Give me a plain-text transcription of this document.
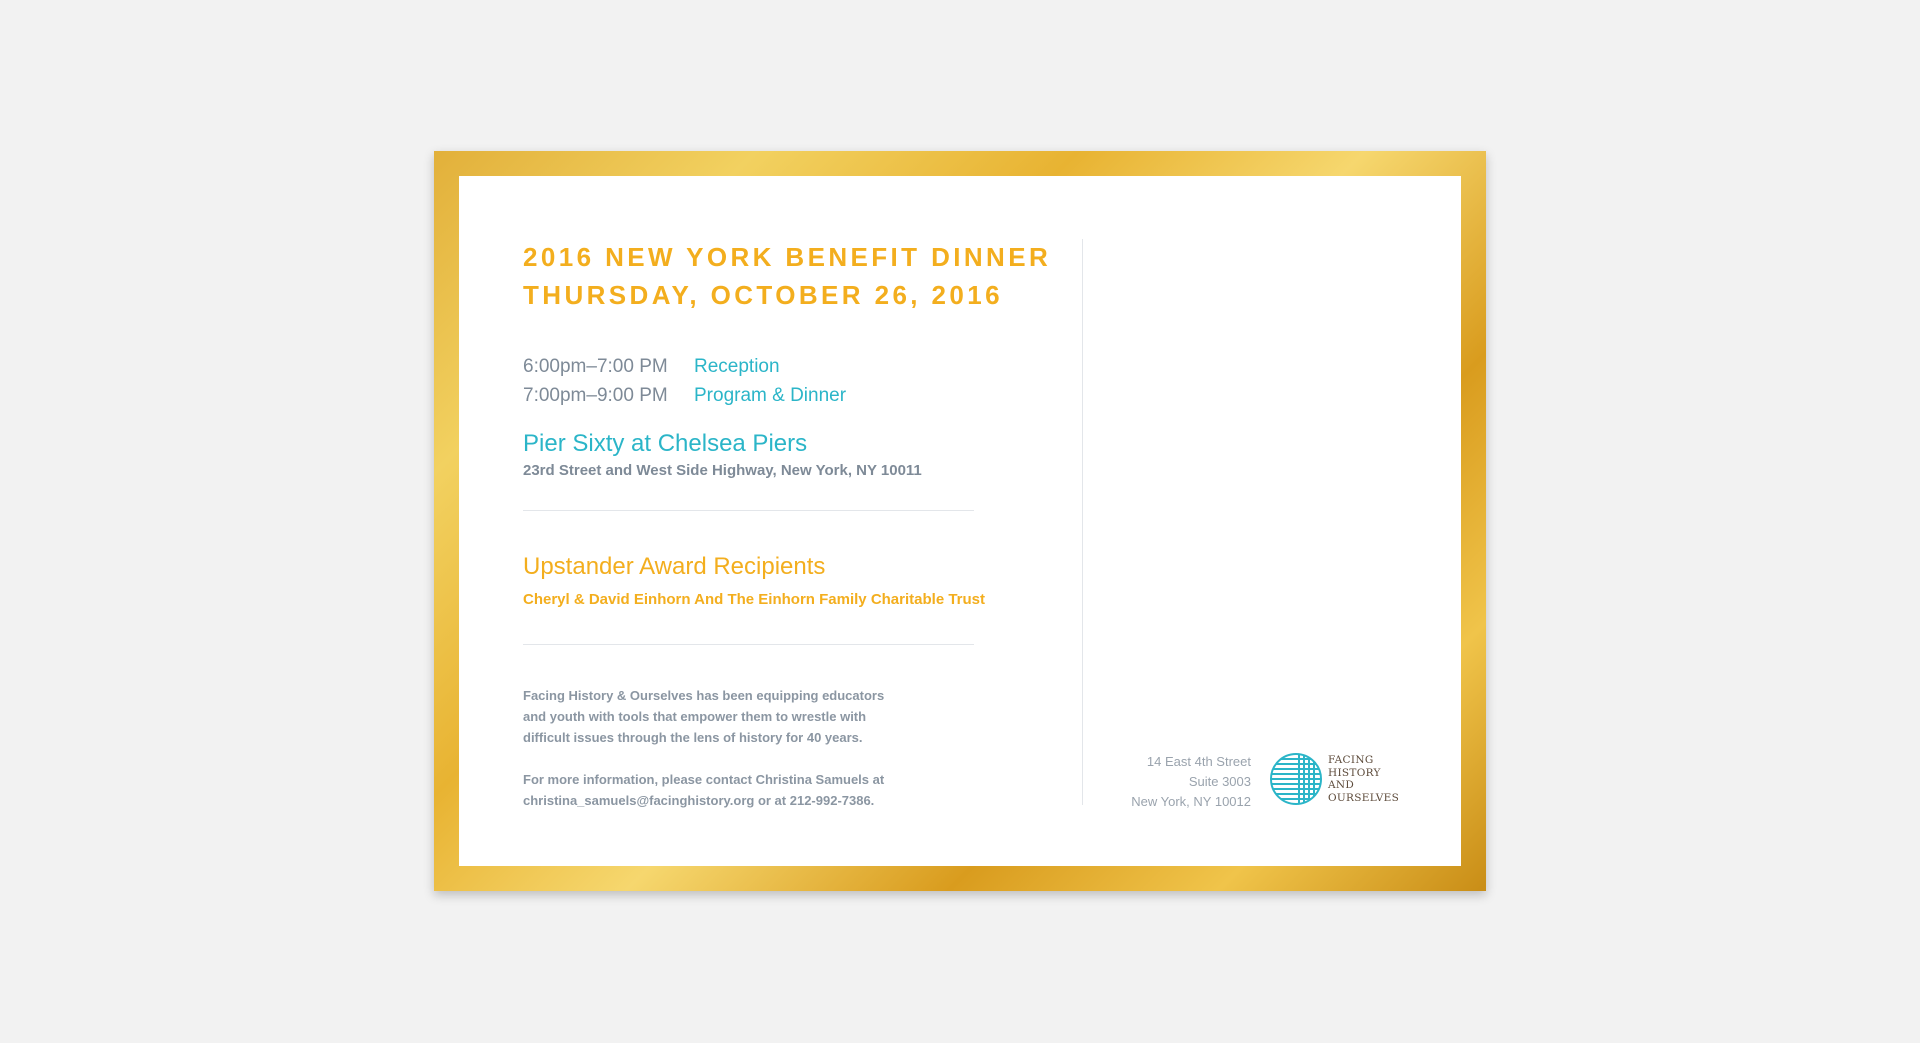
2016 NEW YORK BENEFIT DINNER
THURSDAY, OCTOBER 26, 2016
6:00pm–7:00 PM	Reception
7:00pm–9:00 PM	Program & Dinner
Pier Sixty at Chelsea Piers
23rd Street and West Side Highway, New York, NY 10011
Upstander Award Recipients
Cheryl & David Einhorn And The Einhorn Family Charitable Trust

Facing History & Ourselves has been equipping educators
and youth with tools that empower them to wrestle with
difficult issues through the lens of history for 40 years.

For more information, please contact Christina Samuels at
christina_samuels@facinghistory.org or at 212-992-7386.

14 East 4th Street
Suite 3003
New York, NY 10012
FACING
HISTORY
AND
OURSELVES
